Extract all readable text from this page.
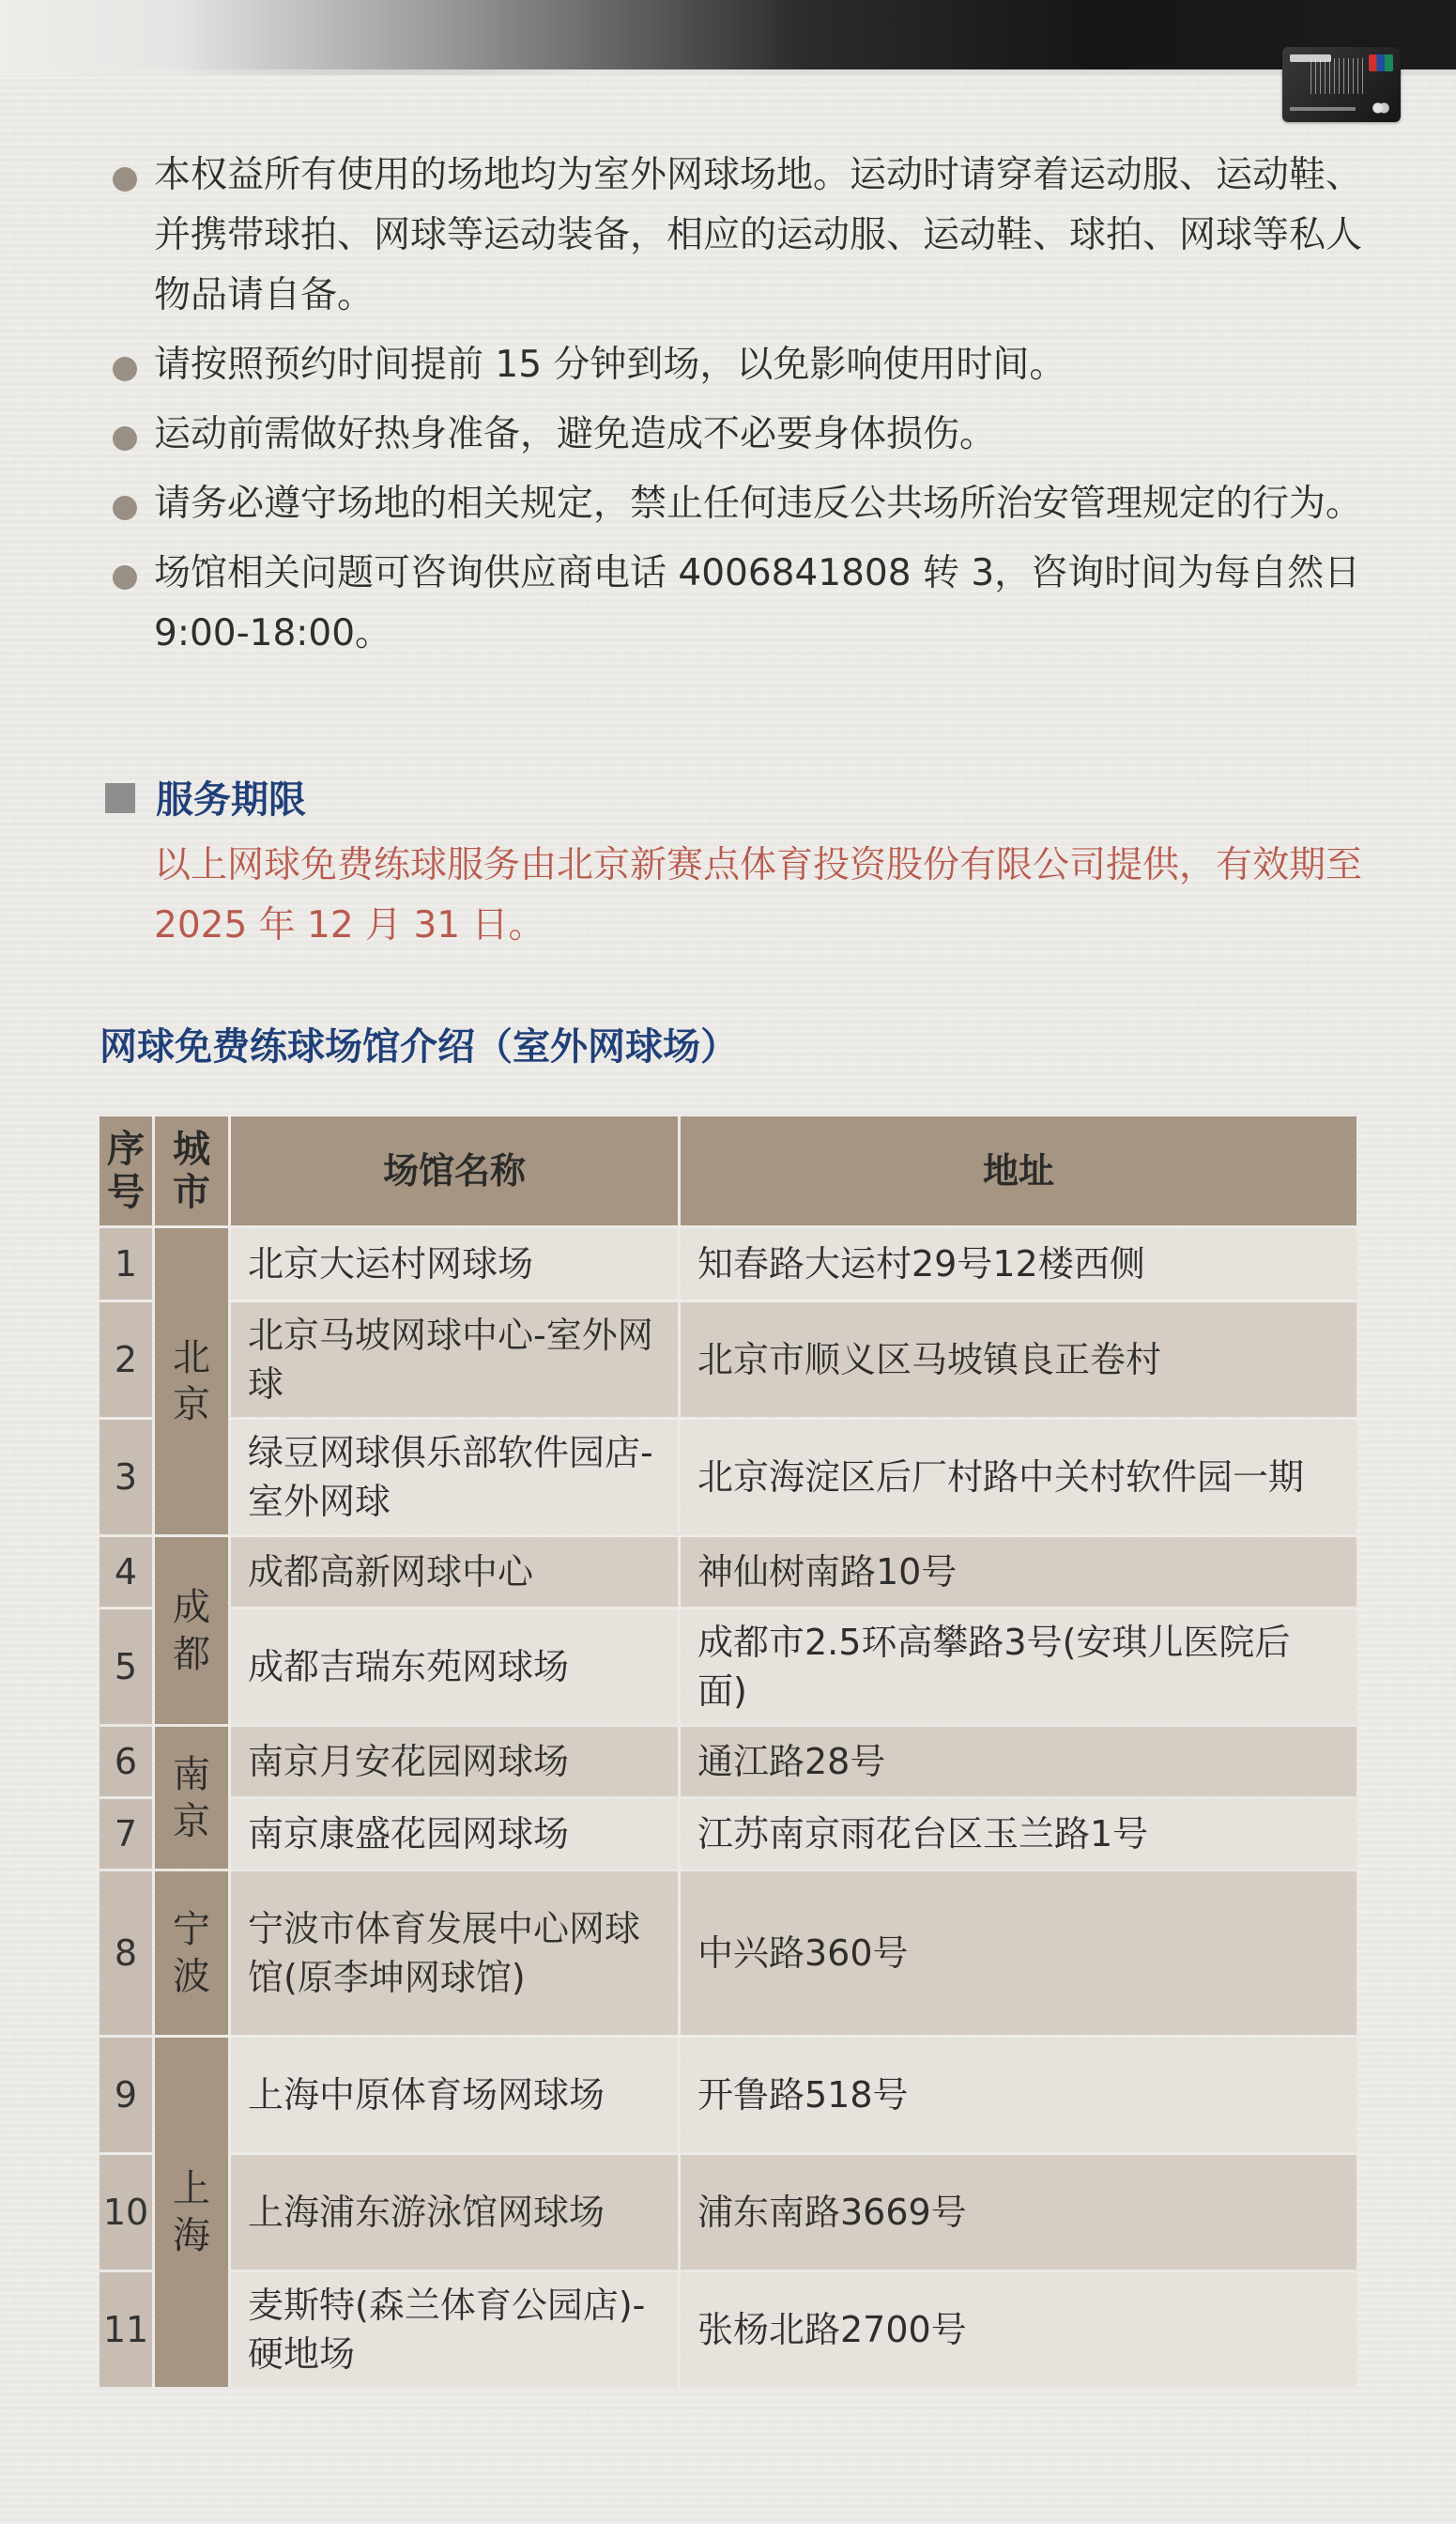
本权益所有使用的场地均为室外网球场地。运动时请穿着运动服、运动鞋、并携带球拍、网球等运动装备，相应的运动服、运动鞋、球拍、网球等私人物品请自备。
请按照预约时间提前 15 分钟到场，以免影响使用时间。
运动前需做好热身准备，避免造成不必要身体损伤。
请务必遵守场地的相关规定，禁止任何违反公共场所治安管理规定的行为。
场馆相关问题可咨询供应商电话 4006841808 转 3，咨询时间为每自然日 9:00-18:00。
服务期限
以上网球免费练球服务由北京新赛点体育投资股份有限公司提供，有效期至 2025 年 12 月 31 日。
网球免费练球场馆介绍（室外网球场）
序号	城市	场馆名称	地址
1	北京	北京大运村网球场	知春路大运村29号12楼西侧
2		北京马坡网球中心-室外网球	北京市顺义区马坡镇良正卷村
3		绿豆网球俱乐部软件园店-室外网球	北京海淀区后厂村路中关村软件园一期
4	成都	成都高新网球中心	神仙树南路10号
5		成都吉瑞东苑网球场	成都市2.5环高攀路3号(安琪儿医院后面)
6	南京	南京月安花园网球场	通江路28号
7		南京康盛花园网球场	江苏南京雨花台区玉兰路1号
8	宁波	宁波市体育发展中心网球馆(原李坤网球馆)	中兴路360号
9	上海	上海中原体育场网球场	开鲁路518号
10		上海浦东游泳馆网球场	浦东南路3669号
11		麦斯特(森兰体育公园店)-硬地场	张杨北路2700号
